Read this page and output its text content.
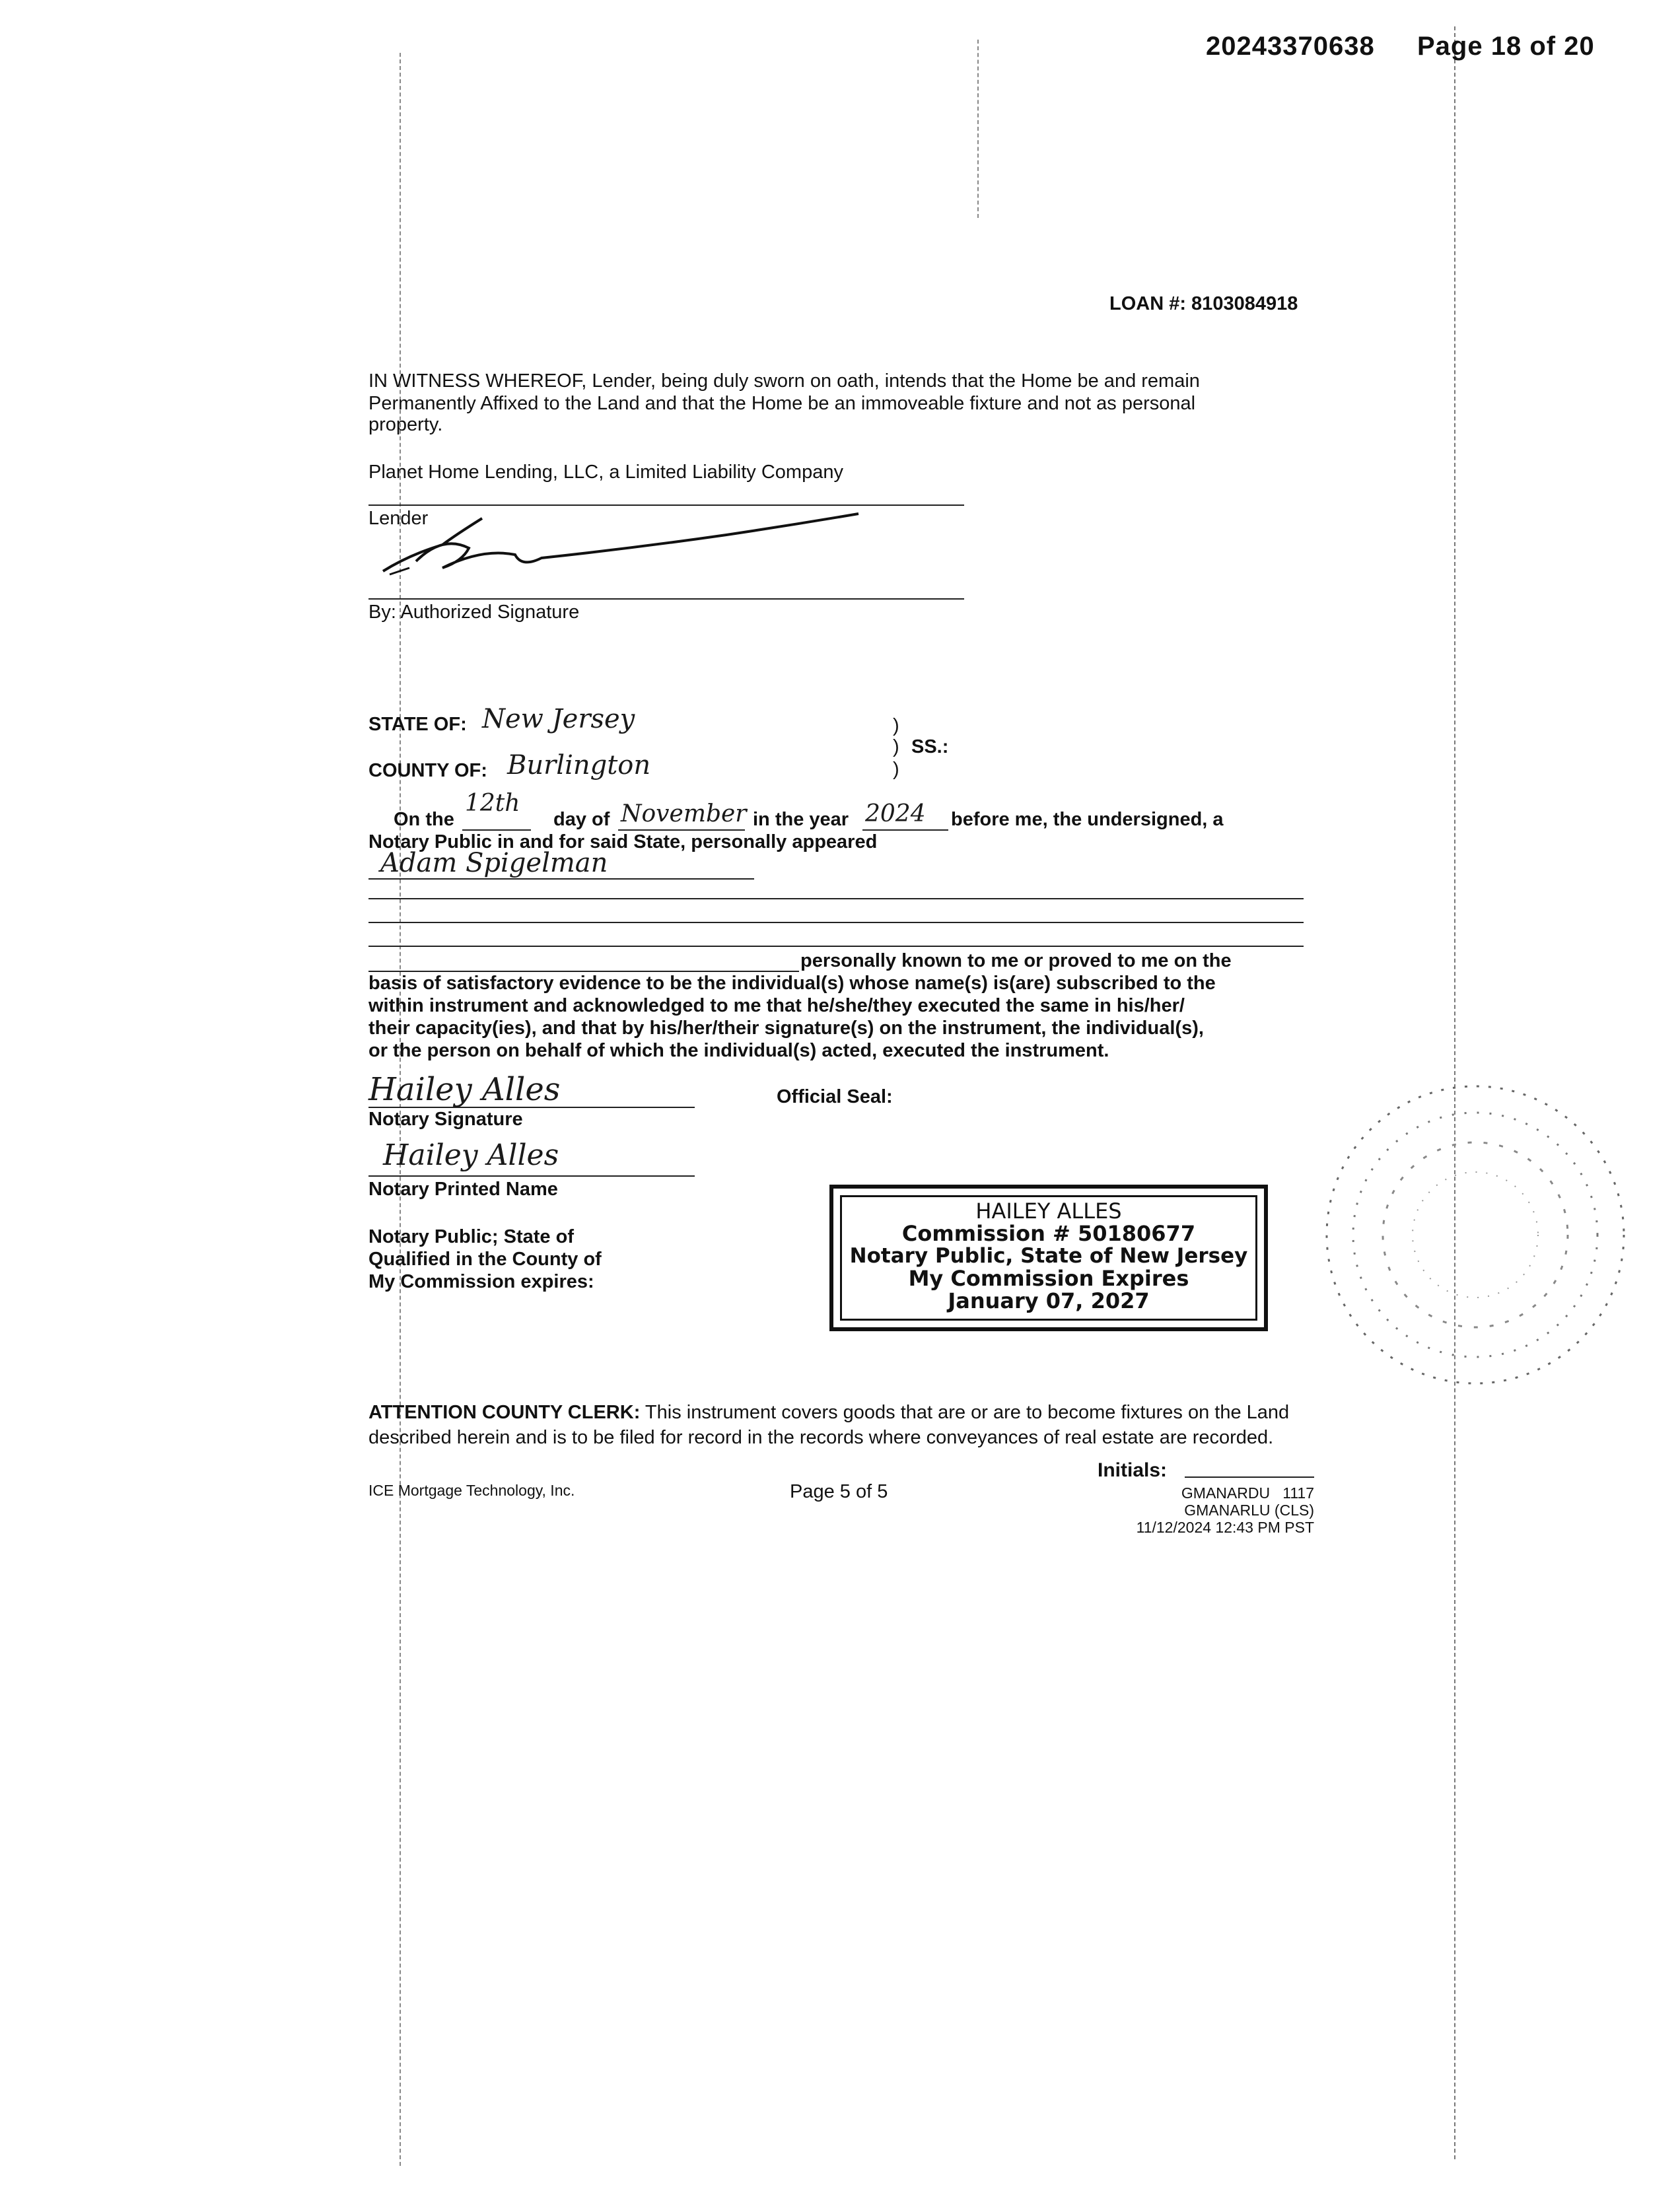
20243370638 Page 18 of 20
LOAN #: 8103084918
IN WITNESS WHEREOF, Lender, being duly sworn on oath, intends that the Home be and remain
Permanently Affixed to the Land and that the Home be an immoveable fixture and not as personal
property.
Planet Home Lending, LLC, a Limited Liability Company
Lender
By: Authorized Signature
STATE OF: New Jersey	)
) SS.:
)
COUNTY OF: Burlington
On the
12th
day of November in the year 2024 before me, the undersigned, a
Notary Public in and for said State, personally appeared
Adam Spigelman
personally known to me or proved to me on the
basis of satisfactory evidence to be the individual(s) whose name(s) is(are) subscribed to the
within instrument and acknowledged to me that he/she/they executed the same in his/her/
their capacity(ies), and that by his/her/their signature(s) on the instrument, the individual(s),
or the person on behalf of which the individual(s) acted, executed the instrument.
Hailey Alles
Notary Signature
Official Seal:
Hailey Alles
Notary Printed Name
Notary Public; State of
Qualified in the County of
My Commission expires:
HAILEY ALLES
Commission # 50180677
Notary Public, State of New Jersey
My Commission Expires
January 07, 2027
ATTENTION COUNTY CLERK: This instrument covers goods that are or are to become fixtures on the Land
described herein and is to be filed for record in the records where conveyances of real estate are recorded.
Initials:
ICE Mortgage Technology, Inc.	Page 5 of 5	GMANARDU   1117
GMANARLU (CLS)
11/12/2024 12:43 PM PST
